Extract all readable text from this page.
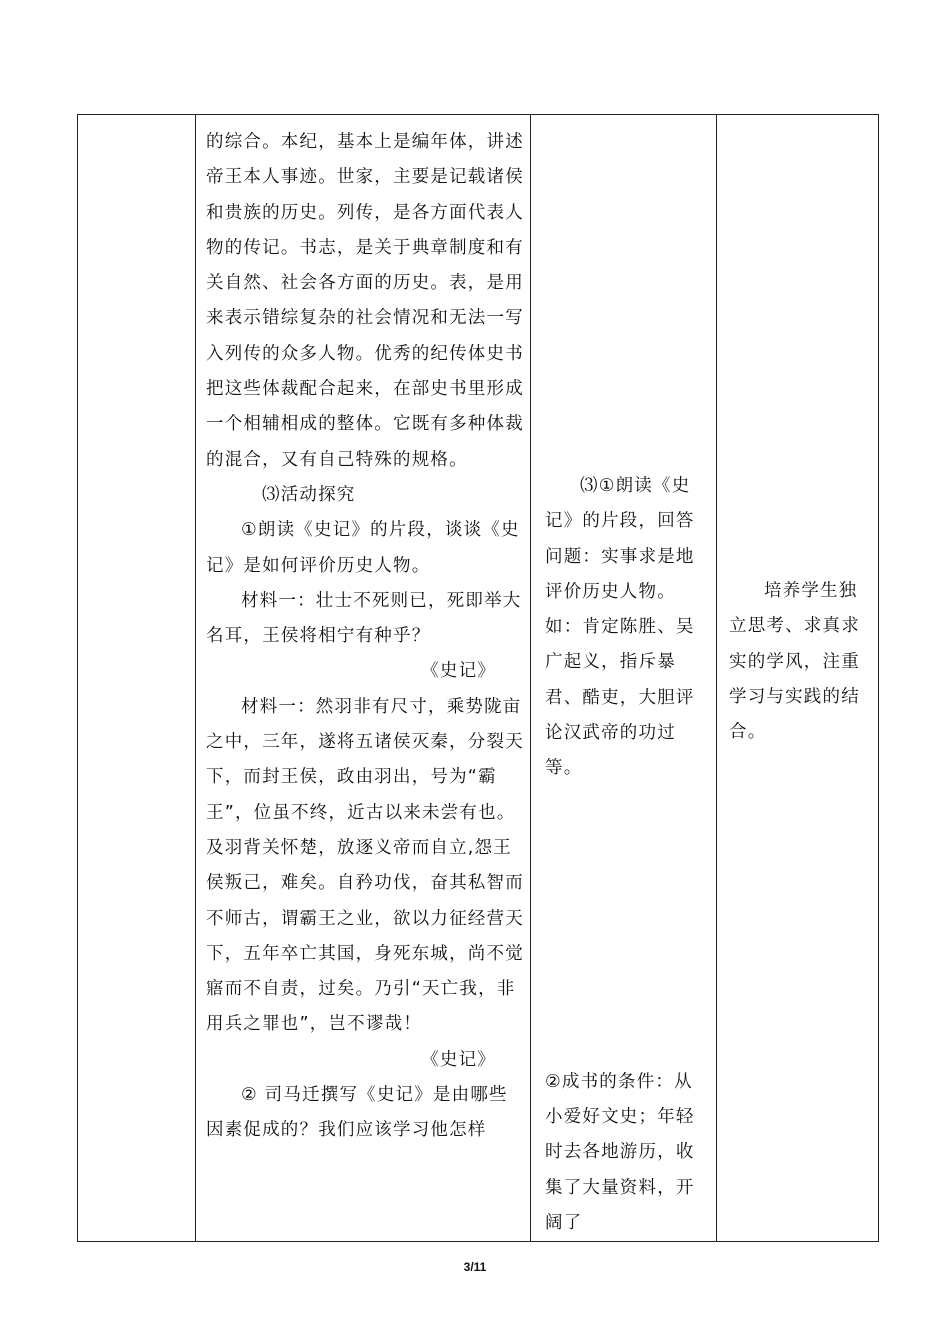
的综合。本纪，基本上是编年体，讲述帝王本人事迹。世家，主要是记载诸侯和贵族的历史。列传，是各方面代表人物的传记。书志，是关于典章制度和有关自然、社会各方面的历史。表，是用来表示错综复杂的社会情况和无法一写入列传的众多人物。优秀的纪传体史书把这些体裁配合起来，在部史书里形成一个相辅相成的整体。它既有多种体裁的混合，又有自己特殊的规格。

⑶活动探究

①朗读《史记》的片段，谈谈《史记》是如何评价历史人物。

材料一：壮士不死则已，死即举大名耳，王侯将相宁有种乎？

《史记》

材料一：然羽非有尺寸，乘势陇亩之中，三年，遂将五诸侯灭秦，分裂天下，而封王侯，政由羽出，号为“霸王”，位虽不终，近古以来未尝有也。及羽背关怀楚，放逐义帝而自立,怨王侯叛己，难矣。自矜功伐，奋其私智而不师古，谓霸王之业，欲以力征经营天下，五年卒亡其国，身死东城，尚不觉寤而不自责，过矣。乃引“天亡我，非用兵之罪也”，岂不谬哉！

《史记》

② 司马迁撰写《史记》是由哪些因素促成的？我们应该学习他怎样

⑶①朗读《史记》的片段，回答问题：实事求是地评价历史人物。如：肯定陈胜、吴广起义，指斥暴君、酷吏，大胆评论汉武帝的功过等。

②成书的条件：从小爱好文史；年轻时去各地游历，收集了大量资料，开阔了

培养学生独立思考、求真求实的学风，注重学习与实践的结合。

3/11
